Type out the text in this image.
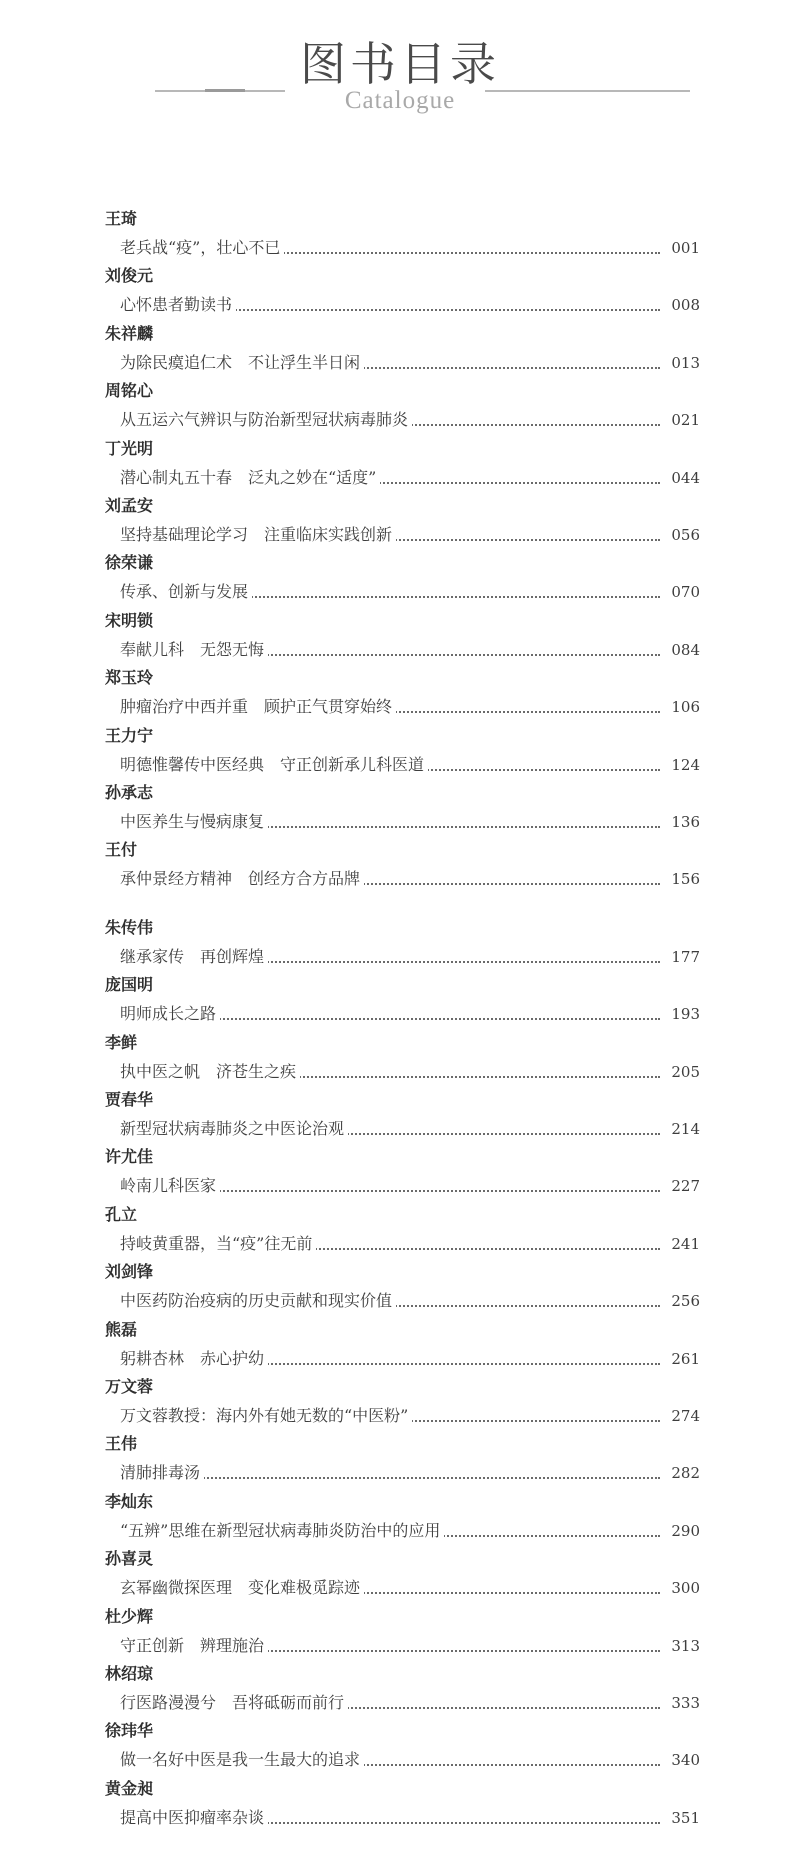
图书目录
Catalogue
王琦
老兵战“疫”，壮心不已	001
刘俊元
心怀患者勤读书	008
朱祥麟
为除民瘼追仁术　不让浮生半日闲	013
周铭心
从五运六气辨识与防治新型冠状病毒肺炎	021
丁光明
潜心制丸五十春　泛丸之妙在“适度”	044
刘孟安
坚持基础理论学习　注重临床实践创新	056
徐荣谦
传承、创新与发展	070
宋明锁
奉献儿科　无怨无悔	084
郑玉玲
肿瘤治疗中西并重　顾护正气贯穿始终	106
王力宁
明德惟馨传中医经典　守正创新承儿科医道	124
孙承志
中医养生与慢病康复	136
王付
承仲景经方精神　创经方合方品牌	156
朱传伟
继承家传　再创辉煌	177
庞国明
明师成长之路	193
李鲜
执中医之帆　济苍生之疾	205
贾春华
新型冠状病毒肺炎之中医论治观	214
许尤佳
岭南儿科医家	227
孔立
持岐黄重器，当“疫”往无前	241
刘剑锋
中医药防治疫病的历史贡献和现实价值	256
熊磊
躬耕杏林　赤心护幼	261
万文蓉
万文蓉教授：海内外有她无数的“中医粉”	274
王伟
清肺排毒汤	282
李灿东
“五辨”思维在新型冠状病毒肺炎防治中的应用	290
孙喜灵
玄幂幽微探医理　变化难极觅踪迹	300
杜少辉
守正创新　辨理施治	313
林绍琼
行医路漫漫兮　吾将砥砺而前行	333
徐玮华
做一名好中医是我一生最大的追求	340
黄金昶
提高中医抑瘤率杂谈	351
